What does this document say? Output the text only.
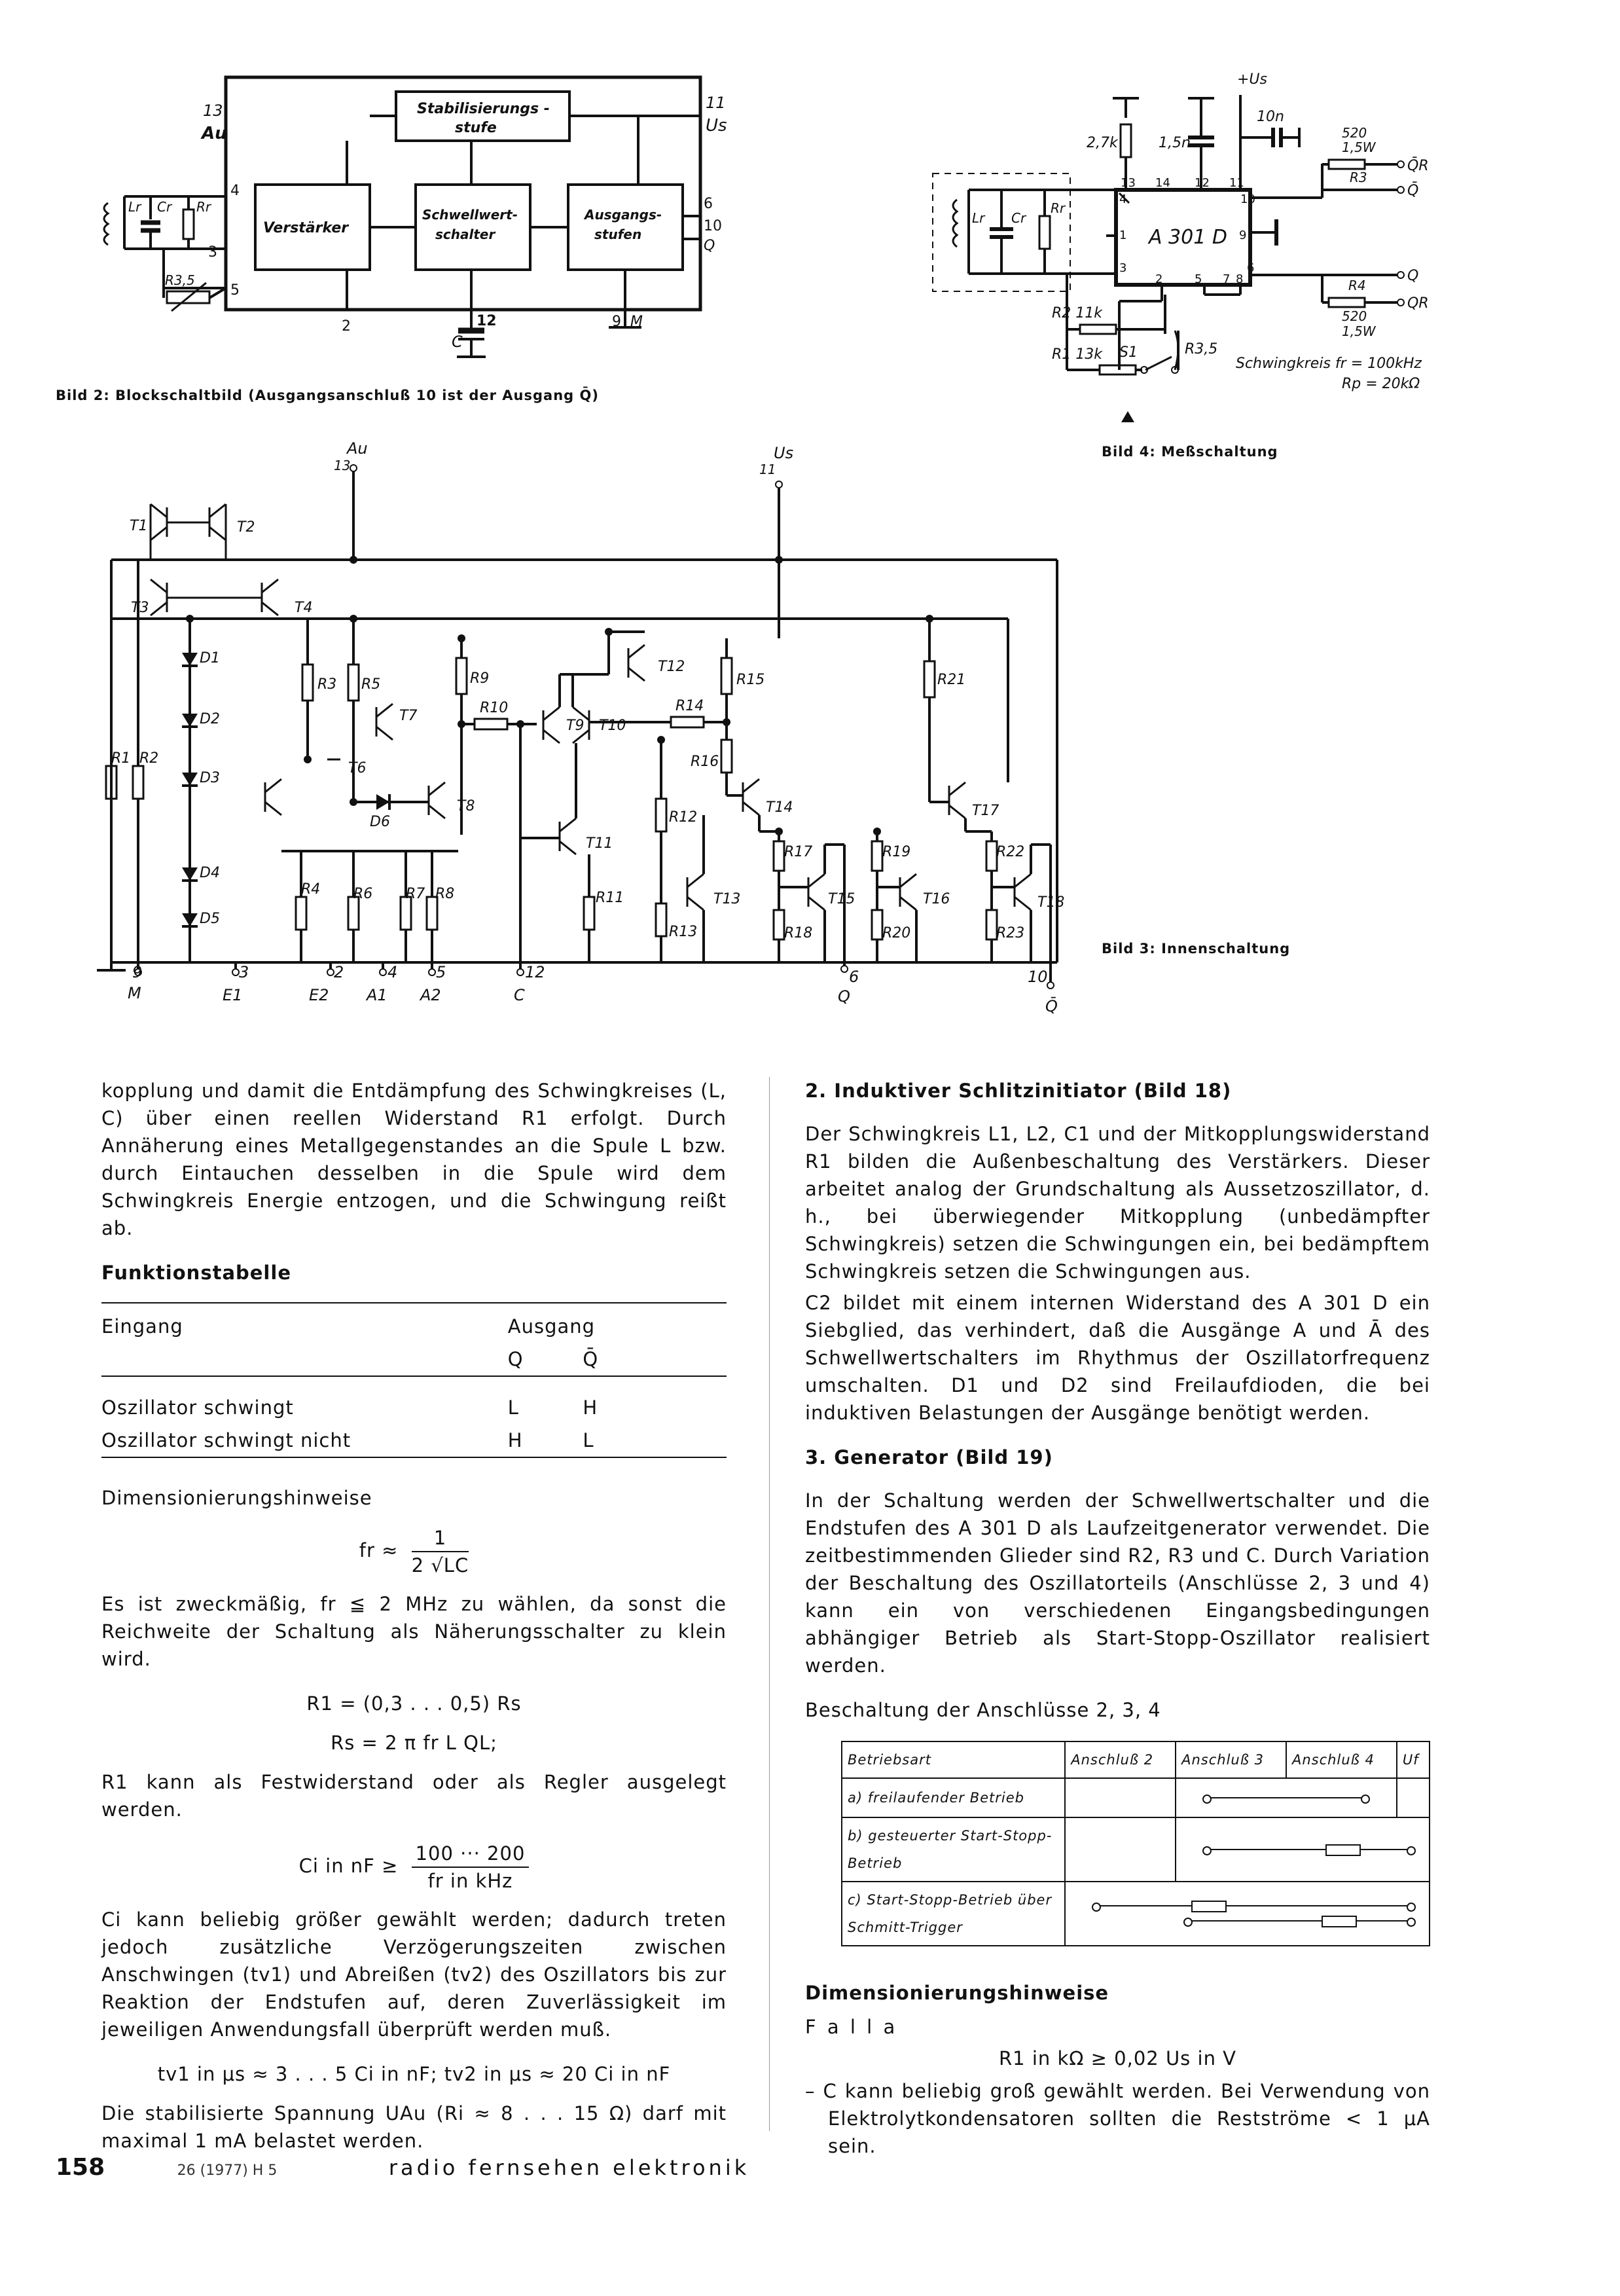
13
Au
11
Us
4
3
5
2	12
C
9 M
6
10
Q
Lr Cr Rr
R3,5
Stabilisierungs -
stufe
Verstärker
Schwellwert-
schalter
Ausgangs-
stufen
+Us
2,7k	1,5n
10n
520
1,5W
R3
Q̄R
Q̄
A 301 D
R4
Q
520
1,5W
QR
R2 11k
R1 13k S1	R3,5
Lr Cr
Rr
Schwingkreis fr = 100kHz
Rp = 20kΩ
13 14 12 11
10
4
1	9
3
2	5 7 8
6
Au
13
Us
11
T1	T2
T3	T4
T6
T7
T8
T9 T10
T11
T12
T14
T13	T15	T16
T17
T18
R1 R2
R3 R5	R9
R10	R14
R15
R16
R12
R11
R4 R6 R7 R8
R17
R18
R13
R19
R20
R21
R22
R23
D1
D2
D3
D4
D5
D6
9
M
3
E1
2
E2
4
A1
5
A2
12
C
6
Q
10
Q̄
Bild 2: Blockschaltbild (Ausgangsanschluß 10 ist der Ausgang Q̄)
Bild 4: Meßschaltung
Bild 3: Innenschaltung

kopplung und damit die Entdämpfung des Schwingkreises (L, C) über einen reellen Widerstand R1 erfolgt. Durch Annäherung eines Metallgegenstandes an die Spule L bzw. durch Eintauchen desselben in die Spule wird dem Schwingkreis Energie entzogen, und die Schwingung reißt ab.

Funktionstabelle
Eingang	Ausgang	
	Q	Q̄

Oszillator schwingt	L	H
Oszillator schwingt nicht	H	L

Dimensionierungshinweise

fr ≈ $\frac{1}{2 √LC}$

Es ist zweckmäßig, fr ≦ 2 MHz zu wählen, da sonst die Reichweite der Schaltung als Näherungsschalter zu klein wird.

R1 = (0,3 . . . 0,5) Rs
Rs = 2 π fr L QL;

R1 kann als Festwiderstand oder als Regler ausgelegt werden.

Ci in nF ≥ $\frac{100 \cdot\cdot\cdot 200}{\text{fr in kHz}}$

Ci kann beliebig größer gewählt werden; dadurch treten jedoch zusätzliche Verzögerungszeiten zwischen Anschwingen (tv1) und Abreißen (tv2) des Oszillators bis zur Reaktion der Endstufen auf, deren Zuverlässigkeit im jeweiligen Anwendungsfall überprüft werden muß.

tv1 in μs ≈ 3 . . . 5 Ci in nF; tv2 in μs ≈ 20 Ci in nF

Die stabilisierte Spannung UAu (Ri ≈ 8 . . . 15 Ω) darf mit maximal 1 mA belastet werden.

2. Induktiver Schlitzinitiator (Bild 18)

Der Schwingkreis L1, L2, C1 und der Mitkopplungswiderstand R1 bilden die Außenbeschaltung des Verstärkers. Dieser arbeitet analog der Grundschaltung als Aussetzoszillator, d. h., bei überwiegender Mitkopplung (unbedämpfter Schwingkreis) setzen die Schwingungen ein, bei bedämpftem Schwingkreis setzen die Schwingungen aus.

C2 bildet mit einem internen Widerstand des A 301 D ein Siebglied, das verhindert, daß die Ausgänge A und Ā des Schwellwertschalters im Rhythmus der Oszillatorfrequenz umschalten. D1 und D2 sind Freilaufdioden, die bei induktiven Belastungen der Ausgänge benötigt werden.

3. Generator (Bild 19)

In der Schaltung werden der Schwellwertschalter und die Endstufen des A 301 D als Laufzeitgenerator verwendet. Die zeitbestimmenden Glieder sind R2, R3 und C. Durch Variation der Beschaltung des Oszillatorteils (Anschlüsse 2, 3 und 4) kann ein von verschiedenen Eingangsbedingungen abhängiger Betrieb als Start-Stopp-Oszillator realisiert werden.

Beschaltung der Anschlüsse 2, 3, 4

Betriebsart	Anschluß 2	Anschluß 3	Anschluß 4	Uf
a) freilaufender Betrieb			

b) gesteuerter Start-Stopp-Betrieb				

c) Start-Stopp-Betrieb über Schmitt-Trigger				
Dimensionierungshinweise

F a l l a

R1 in kΩ ≥ 0,02 Us in V

– C kann beliebig groß gewählt werden. Bei Verwendung von Elektrolytkondensatoren sollten die Restströme < 1 μA sein.

158	26 (1977) H 5	radio fernsehen elektronik
